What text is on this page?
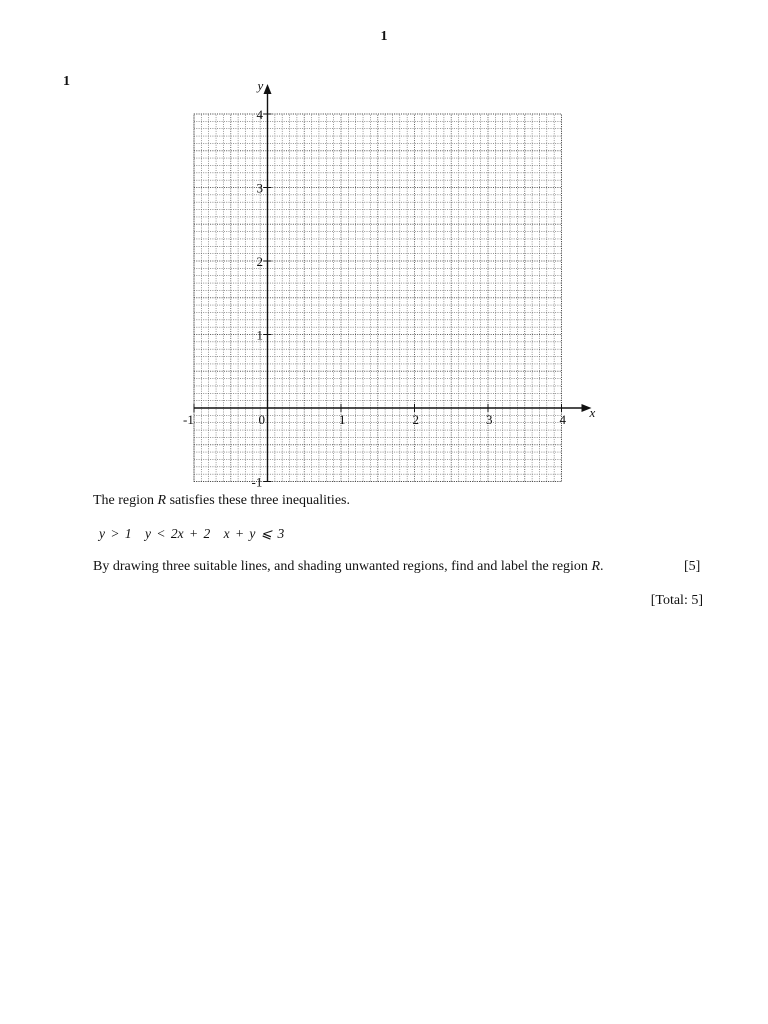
1
1
x
y
-1	0	1	2	3	4
-1
1
2
3
4
The region R satisfies these three inequalities.
y > 1 y < 2x + 2 x + y ⩽ 3
By drawing three suitable lines, and shading unwanted regions, find and label the region R.	[5]
[Total: 5]
